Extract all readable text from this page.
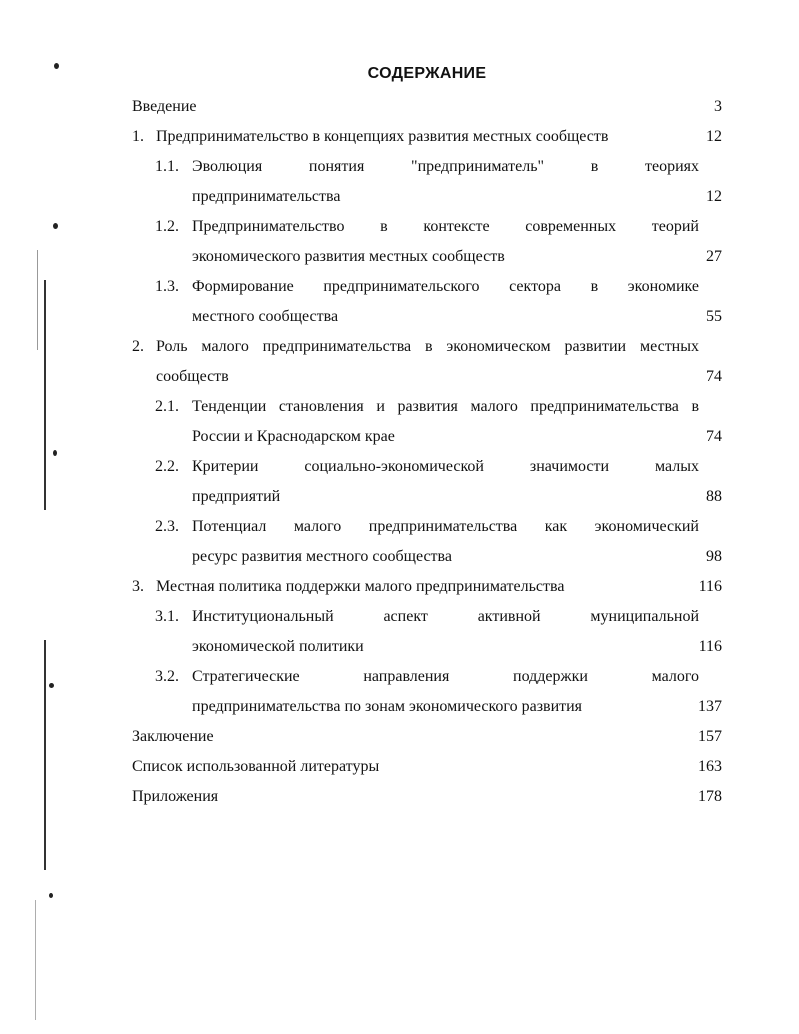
СОДЕРЖАНИЕ
Введение	3
1. Предпринимательство в концепциях развития местных сообществ	12
1.1. Эволюция понятия "предприниматель" в теориях
предпринимательства	12
1.2. Предпринимательство в контексте современных теорий
экономического развития местных сообществ	27
1.3. Формирование предпринимательского сектора в экономике
местного сообщества	55
2. Роль малого предпринимательства в экономическом развитии местных
сообществ	74
2.1. Тенденции становления и развития малого предпринимательства в
России и Краснодарском крае	74
2.2. Критерии социально-экономической значимости малых
предприятий	88
2.3. Потенциал малого предпринимательства как экономический
ресурс развития местного сообщества	98
3. Местная политика поддержки малого предпринимательства	116
3.1. Институциональный аспект активной муниципальной
экономической политики	116
3.2. Стратегические направления поддержки малого
предпринимательства по зонам экономического развития	137
Заключение	157
Список использованной литературы	163
Приложения	178
